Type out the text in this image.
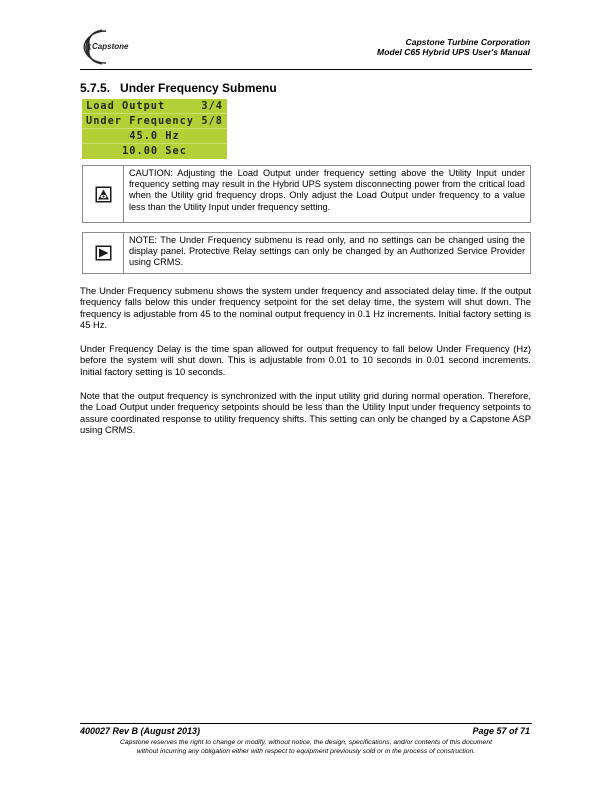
Capstone	Capstone Turbine Corporation
Model C65 Hybrid UPS User's Manual
5.7.5.   Under Frequency Submenu
Load Output	3/4
Under Frequency 5/8
45.0 Hz
10.00 Sec
CAUTION: Adjusting the Load Output under frequency setting above the Utility Input under frequency setting may result in the Hybrid UPS system disconnecting power from the critical load when the Utility grid frequency drops. Only adjust the Load Output under frequency to a value less than the Utility Input under frequency setting.
NOTE: The Under Frequency submenu is read only, and no settings can be changed using the display panel. Protective Relay settings can only be changed by an Authorized Service Provider using CRMS.
The Under Frequency submenu shows the system under frequency and associated delay time. If the output frequency falls below this under frequency setpoint for the set delay time, the system will shut down. The frequency is adjustable from 45 to the nominal output frequency in 0.1 Hz increments. Initial factory setting is 45 Hz.
Under Frequency Delay is the time span allowed for output frequency to fall below Under Frequency (Hz) before the system will shut down. This is adjustable from 0.01 to 10 seconds in 0.01 second increments. Initial factory setting is 10 seconds.
Note that the output frequency is synchronized with the input utility grid during normal operation. Therefore, the Load Output under frequency setpoints should be less than the Utility Input under frequency setpoints to assure coordinated response to utility frequency shifts. This setting can only be changed by a Capstone ASP using CRMS.
400027 Rev B (August 2013)	Page 57 of 71
Capstone reserves the right to change or modify, without notice, the design, specifications, and/or contents of this document
without incurring any obligation either with respect to equipment previously sold or in the process of construction.
